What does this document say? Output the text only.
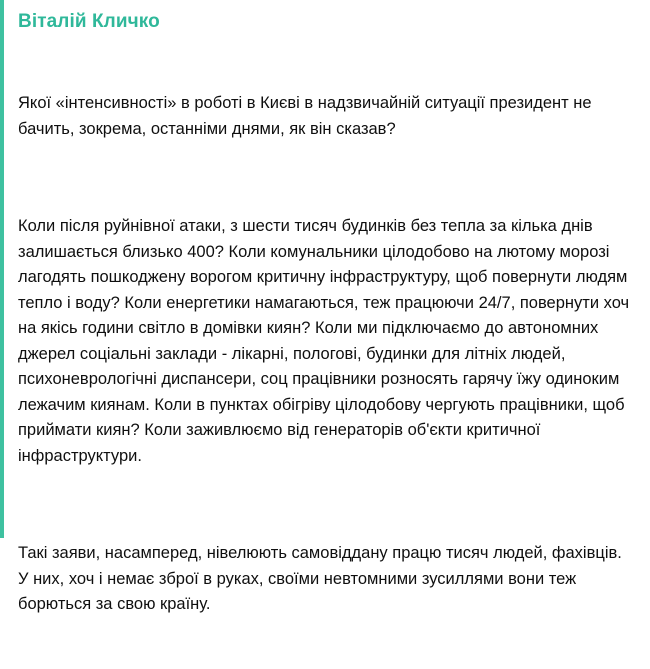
Віталій Кличко

Якої «інтенсивності» в роботі в Києві в надзвичайній ситуації президент не бачить, зокрема, останніми днями, як він сказав?

Коли після руйнівної атаки, з шести тисяч будинків без тепла за кілька днів залишається близько 400? Коли комунальники цілодобово на лютому морозі лагодять пошкоджену ворогом критичну інфраструктуру, щоб повернути людям тепло і воду? Коли енергетики намагаються, теж працюючи 24/7, повернути хоч на якісь години світло в домівки киян? Коли ми підключаємо до автономних джерел соціальні заклади - лікарні, пологові, будинки для літніх людей, психоневрологічні диспансери, соц працівники розносять гарячу їжу одиноким лежачим киянам. Коли в пунктах обігріву цілодобову чергують працівники, щоб приймати киян? Коли заживлюємо від генераторів об'єкти критичної інфраструктури.

Такі заяви, насамперед, нівелюють самовіддану працю тисяч людей, фахівців. У них, хоч і немає зброї в руках, своїми невтомними зусиллями вони теж борються за свою країну.
